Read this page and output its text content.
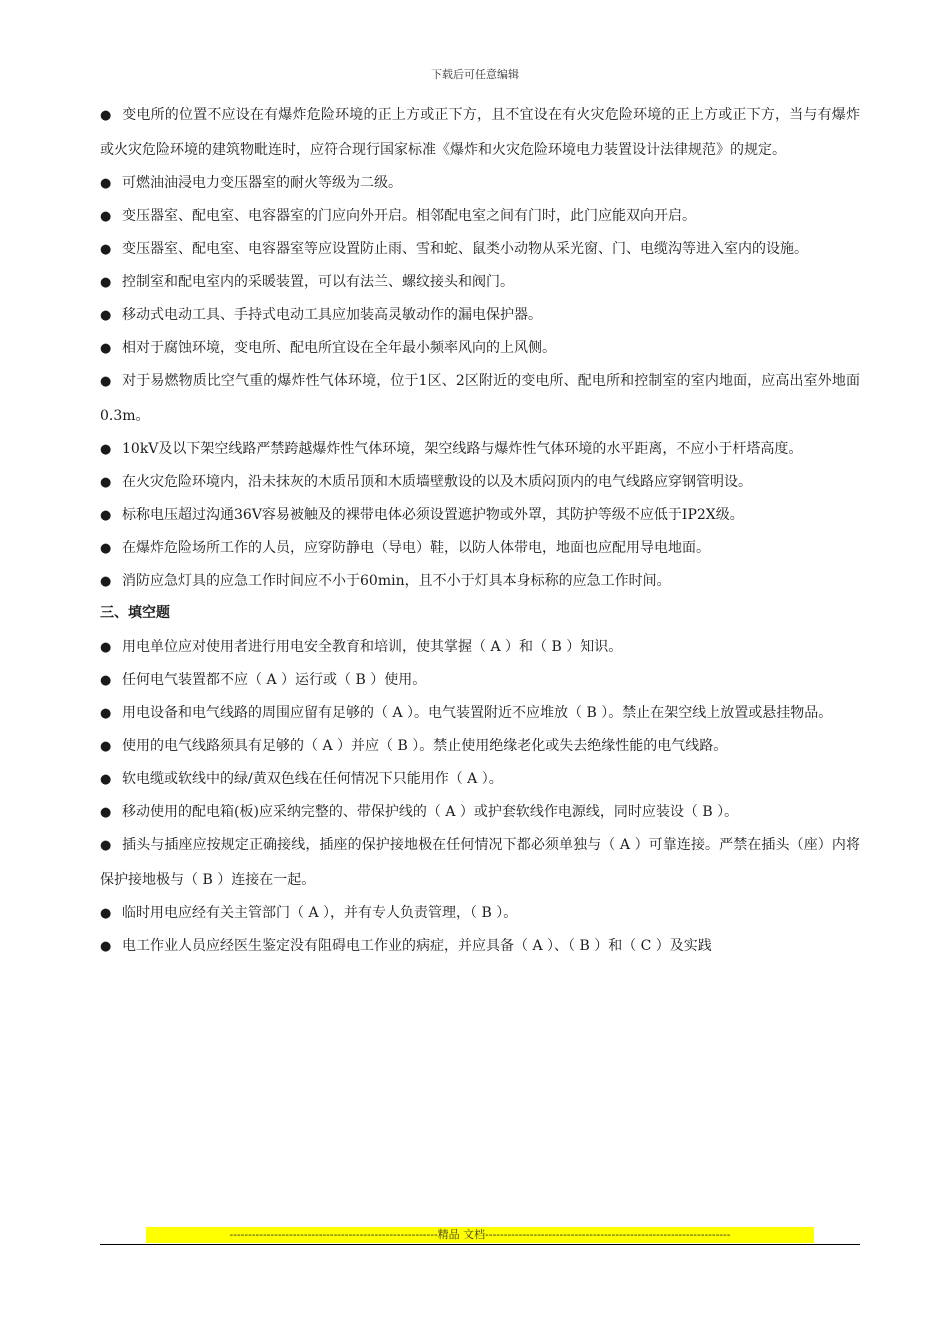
下载后可任意编辑
● 变电所的位置不应设在有爆炸危险环境的正上方或正下方，且不宜设在有火灾危险环境的正上方或正下方，当与有爆炸或火灾危险环境的建筑物毗连时，应符合现行国家标准《爆炸和火灾危险环境电力装置设计法律规范》的规定。
● 可燃油油浸电力变压器室的耐火等级为二级。
● 变压器室、配电室、电容器室的门应向外开启。相邻配电室之间有门时，此门应能双向开启。
● 变压器室、配电室、电容器室等应设置防止雨、雪和蛇、鼠类小动物从采光窗、门、电缆沟等进入室内的设施。
● 控制室和配电室内的采暖装置，可以有法兰、螺纹接头和阀门。
● 移动式电动工具、手持式电动工具应加装高灵敏动作的漏电保护器。
● 相对于腐蚀环境，变电所、配电所宜设在全年最小频率风向的上风侧。
● 对于易燃物质比空气重的爆炸性气体环境，位于1区、2区附近的变电所、配电所和控制室的室内地面，应高出室外地面0.3m。
● 10kV及以下架空线路严禁跨越爆炸性气体环境，架空线路与爆炸性气体环境的水平距离，不应小于杆塔高度。
● 在火灾危险环境内，沿未抹灰的木质吊顶和木质墙壁敷设的以及木质闷顶内的电气线路应穿钢管明设。
● 标称电压超过沟通36V容易被触及的裸带电体必须设置遮护物或外罩，其防护等级不应低于IP2X级。
● 在爆炸危险场所工作的人员，应穿防静电（导电）鞋，以防人体带电，地面也应配用导电地面。
● 消防应急灯具的应急工作时间应不小于60min，且不小于灯具本身标称的应急工作时间。
三、填空题
● 用电单位应对使用者进行用电安全教育和培训，使其掌握（ A ）和（ B ）知识。
● 任何电气装置都不应（ A ）运行或（ B ）使用。
● 用电设备和电气线路的周围应留有足够的（ A ）。电气装置附近不应堆放（ B ）。禁止在架空线上放置或悬挂物品。
● 使用的电气线路须具有足够的（ A ）并应（ B ）。禁止使用绝缘老化或失去绝缘性能的电气线路。
● 软电缆或软线中的绿/黄双色线在任何情况下只能用作（ A ）。
● 移动使用的配电箱(板)应采纳完整的、带保护线的（ A ）或护套软线作电源线，同时应装设（ B ）。
● 插头与插座应按规定正确接线，插座的保护接地极在任何情况下都必须单独与（ A ）可靠连接。严禁在插头（座）内将保护接地极与（ B ）连接在一起。
● 临时用电应经有关主管部门（ A ），并有专人负责管理，（ B ）。
● 电工作业人员应经医生鉴定没有阻碍电工作业的病症，并应具备（ A ）、（ B ）和（ C ）及实践
--------------------------------------------------------精品 文档------------------------------------------------------------------
